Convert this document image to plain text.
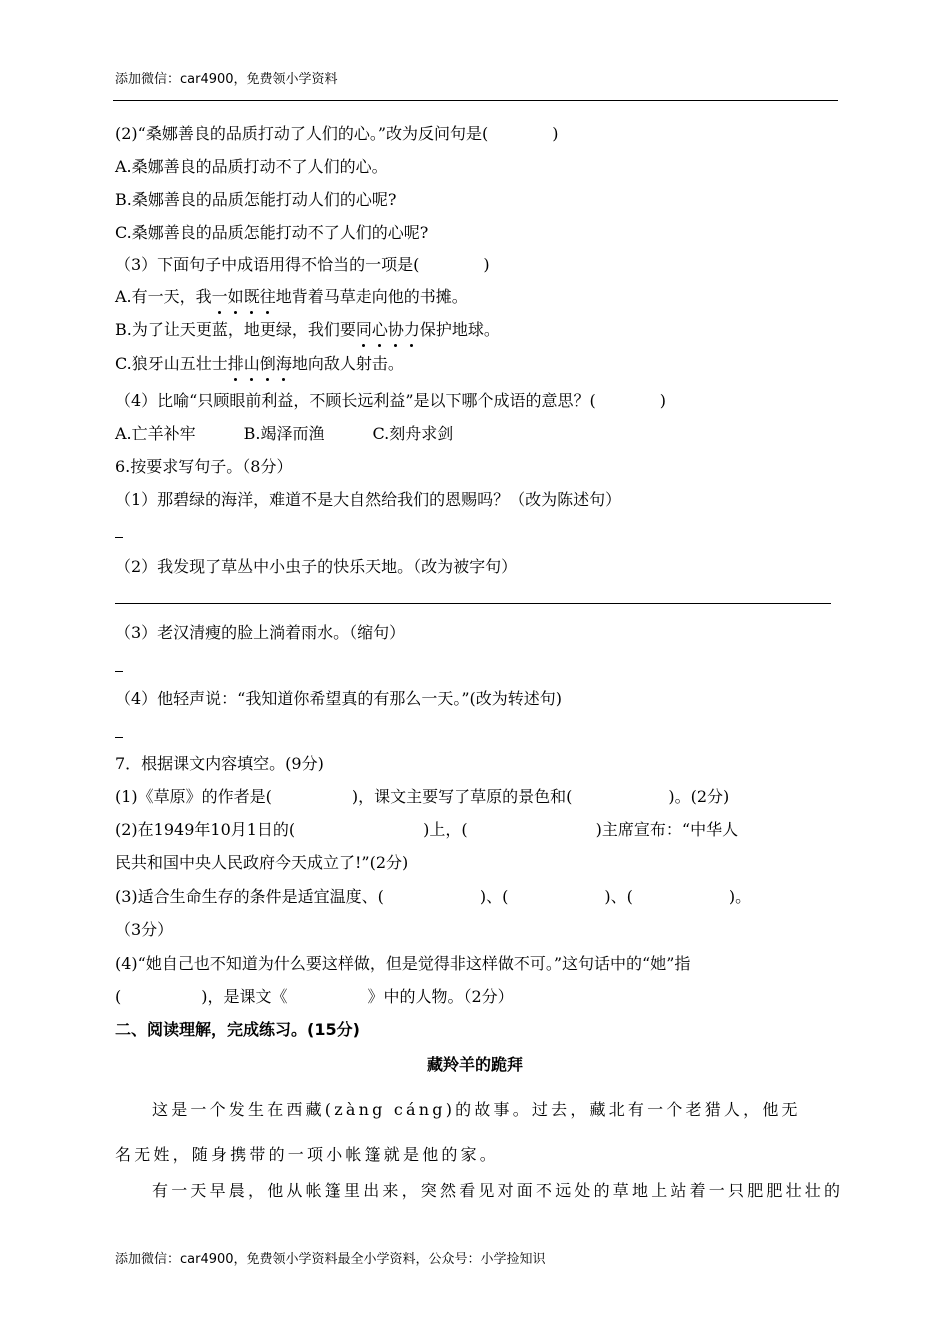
添加微信：car4900，免费领小学资料
(2)“桑娜善良的品质打动了人们的心。”改为反问句是(　　　　)
A.桑娜善良的品质打动不了人们的心。
B.桑娜善良的品质怎能打动人们的心呢?
C.桑娜善良的品质怎能打动不了人们的心呢?
（3）下面句子中成语用得不恰当的一项是(　　　　)
A.有一天，我一如既往地背着马草走向他的书摊。
B.为了让天更蓝，地更绿，我们要同心协力保护地球。
C.狼牙山五壮士排山倒海地向敌人射击。
（4）比喻“只顾眼前利益，不顾长远利益”是以下哪个成语的意思？(　　　　)
A.亡羊补牢　　　B.竭泽而渔　　　C.刻舟求剑
6.按要求写句子。（8分）
（1）那碧绿的海洋，难道不是大自然给我们的恩赐吗？（改为陈述句）
（2）我发现了草丛中小虫子的快乐天地。（改为被字句）
（3）老汉清瘦的脸上淌着雨水。（缩句）
（4）他轻声说：“我知道你希望真的有那么一天。”(改为转述句)
7．根据课文内容填空。(9分)
(1)《草原》的作者是(　　　　　)，课文主要写了草原的景色和(　　　　　　)。(2分)
(2)在1949年10月1日的(　　　　　　　　)上，(　　　　　　　　)主席宣布：“中华人
民共和国中央人民政府今天成立了!”(2分)
(3)适合生命生存的条件是适宜温度、(　　　　　　)、(　　　　　　)、(　　　　　　)。
（3分）
(4)“她自己也不知道为什么要这样做，但是觉得非这样做不可。”这句话中的“她”指
(　　　　　)，是课文《　　　　　》中的人物。（2分）
二、阅读理解，完成练习。(15分)
藏羚羊的跪拜
这是一个发生在西藏(zàng cáng)的故事。过去，藏北有一个老猎人，他无
名无姓，随身携带的一项小帐篷就是他的家。
有一天早晨，他从帐篷里出来，突然看见对面不远处的草地上站着一只肥肥壮壮的
添加微信：car4900，免费领小学资料最全小学资料，公众号：小学捡知识
